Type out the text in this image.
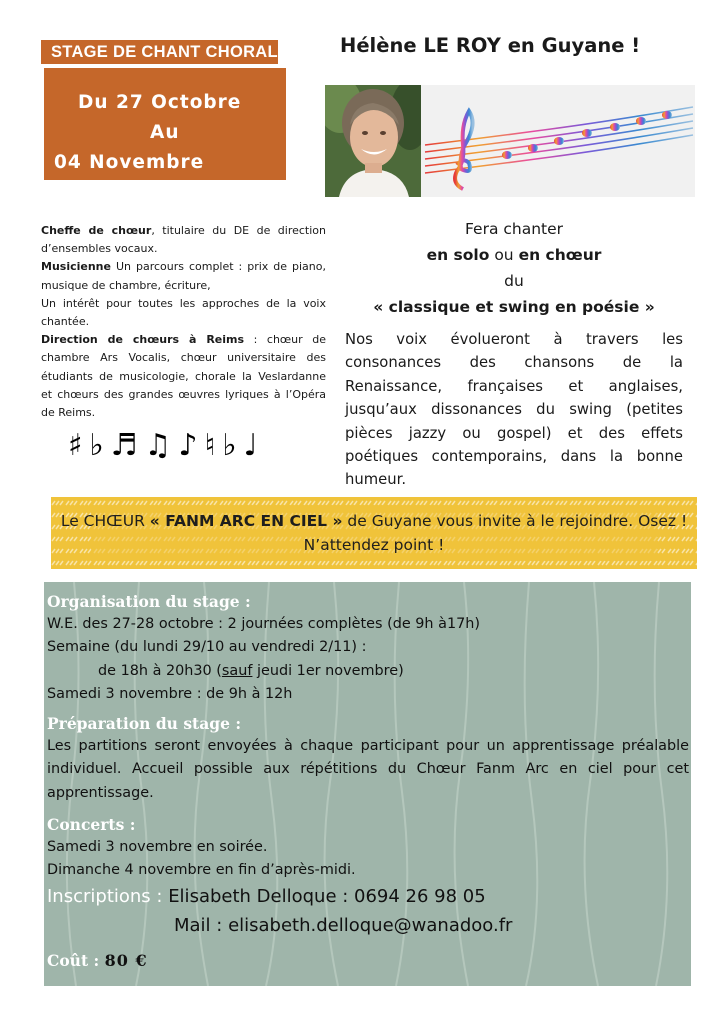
STAGE DE CHANT CHORAL
Du 27 Octobre
Au
04 Novembre
Hélène LE ROY en Guyane !

Cheffe de chœur, titulaire du DE de direction d’ensembles vocaux.

Musicienne Un parcours complet : prix de piano, musique de chambre, écriture,

Un intérêt pour toutes les approches de la voix chantée.

Direction de chœurs à Reims : chœur de chambre Ars Vocalis, chœur universitaire des étudiants de musicologie, chorale la Veslardanne et chœurs des grandes œuvres lyriques à l’Opéra de Reims.

♯♭♬♫♪♮♭♩
Fera chanter
en solo ou en chœur
du
« classique et swing en poésie »
Nos voix évolueront à travers les consonances des chansons de la Renaissance, françaises et anglaises, jusqu’aux dissonances du swing (petites pièces jazzy ou gospel) et des effets poétiques contemporains, dans la bonne humeur.
Le CHŒUR « FANM ARC EN CIEL » de Guyane vous invite à le rejoindre. Osez ! N’attendez point !
Organisation du stage :

W.E. des 27-28 octobre : 2 journées complètes (de 9h à17h)

Semaine (du lundi 29/10 au vendredi 2/11) :

de 18h à 20h30 (sauf jeudi 1er novembre)

Samedi 3 novembre : de 9h à 12h

Préparation du stage :

Les partitions seront envoyées à chaque participant pour un apprentissage préalable individuel. Accueil possible aux répétitions du Chœur Fanm Arc en ciel pour cet apprentissage.

Concerts :

Samedi 3 novembre en soirée.

Dimanche 4 novembre en fin d’après-midi.

Inscriptions : Elisabeth Delloque : 0694 26 98 05
Mail : elisabeth.delloque@wanadoo.fr
Coût : 80 €
